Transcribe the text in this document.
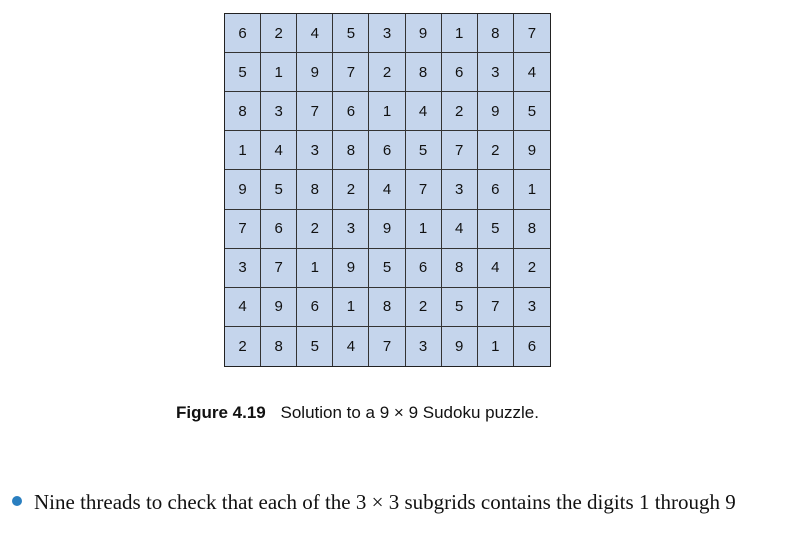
6	2	4	5	3	9	1	8	7
5	1	9	7	2	8	6	3	4
8	3	7	6	1	4	2	9	5
1	4	3	8	6	5	7	2	9
9	5	8	2	4	7	3	6	1
7	6	2	3	9	1	4	5	8
3	7	1	9	5	6	8	4	2
4	9	6	1	8	2	5	7	3
2	8	5	4	7	3	9	1	6
Figure 4.19 Solution to a 9 × 9 Sudoku puzzle.
Nine threads to check that each of the 3 × 3 subgrids contains the digits 1 through 9
